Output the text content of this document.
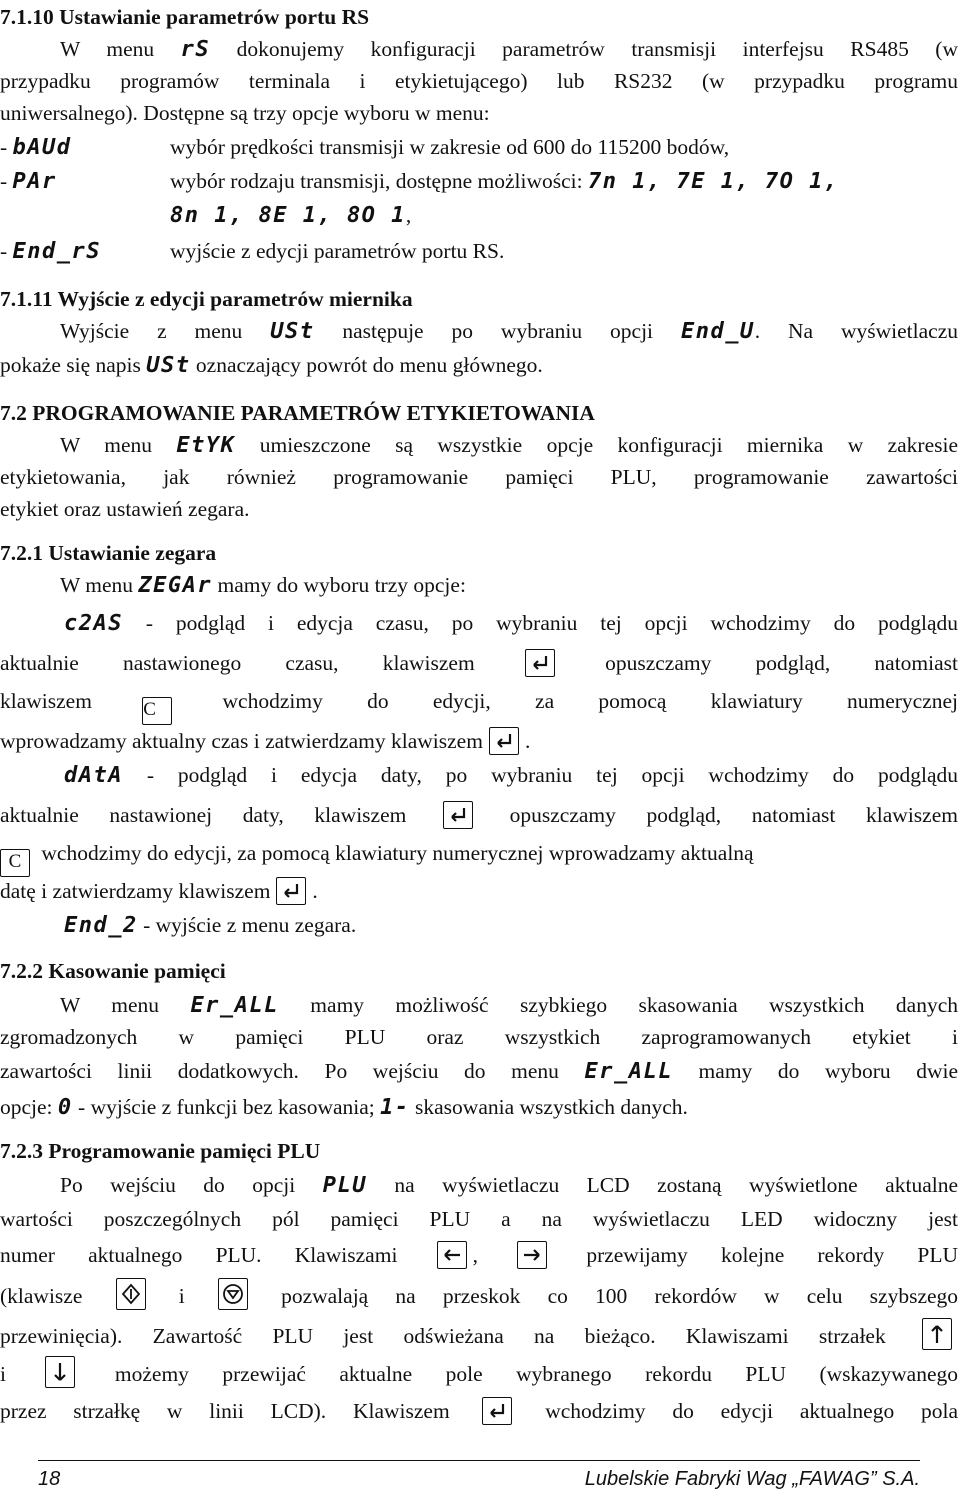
7.1.10 Ustawianie parametrów portu RS
W menu rS dokonujemy konfiguracji parametrów transmisji interfejsu RS485 (w
przypadku programów terminala i etykietującego) lub RS232 (w przypadku programu
uniwersalnego). Dostępne są trzy opcje wyboru w menu:
- bAUd	wybór prędkości transmisji w zakresie od 600 do 115200 bodów,
- PAr	wybór rodzaju transmisji, dostępne możliwości: 7n 1, 7E 1, 7O 1,
8n 1, 8E 1, 8O 1,
- End_rS	wyjście z edycji parametrów portu RS.
7.1.11 Wyjście z edycji parametrów miernika
Wyjście z menu USt następuje po wybraniu opcji End_U. Na wyświetlaczu
pokaże się napis USt oznaczający powrót do menu głównego.
7.2 PROGRAMOWANIE PARAMETRÓW ETYKIETOWANIA
W menu EtYK umieszczone są wszystkie opcje konfiguracji miernika w zakresie
etykietowania, jak również programowanie pamięci PLU, programowanie zawartości
etykiet oraz ustawień zegara.
7.2.1 Ustawianie zegara
W menu ZEGAr mamy do wyboru trzy opcje:
c2AS - podgląd i edycja czasu, po wybraniu tej opcji wchodzimy do podglądu
aktualnie nastawionego czasu, klawiszem	opuszczamy podgląd, natomiast
klawiszem	C	wchodzimy do edycji, za pomocą klawiatury numerycznej
wprowadzamy aktualny czas i zatwierdzamy klawiszem .
dAtA - podgląd i edycja daty, po wybraniu tej opcji wchodzimy do podglądu
aktualnie nastawionej daty, klawiszem	opuszczamy podgląd, natomiast klawiszem
C wchodzimy do edycji, za pomocą klawiatury numerycznej wprowadzamy aktualną
datę i zatwierdzamy klawiszem .
End_2 - wyjście z menu zegara.
7.2.2 Kasowanie pamięci
W menu Er_ALL mamy możliwość szybkiego skasowania wszystkich danych
zgromadzonych w pamięci PLU oraz wszystkich zaprogramowanych etykiet i
zawartości linii dodatkowych. Po wejściu do menu Er_ALL mamy do wyboru dwie
opcje: 0 - wyjście z funkcji bez kasowania; 1- skasowania wszystkich danych.
7.2.3 Programowanie pamięci PLU
Po wejściu do opcji PLU na wyświetlaczu LCD zostaną wyświetlone aktualne
wartości poszczególnych pól pamięci PLU a na wyświetlaczu LED widoczny jest
numer aktualnego PLU. Klawiszami	,	przewijamy kolejne rekordy PLU
(klawisze	i	pozwalają na przeskok co 100 rekordów w celu szybszego
przewinięcia). Zawartość PLU jest odświeżana na bieżąco. Klawiszami strzałek
i	możemy przewijać aktualne pole wybranego rekordu PLU (wskazywanego
przez strzałkę w linii LCD). Klawiszem	wchodzimy do edycji aktualnego pola
18	Lubelskie Fabryki Wag „FAWAG” S.A.
